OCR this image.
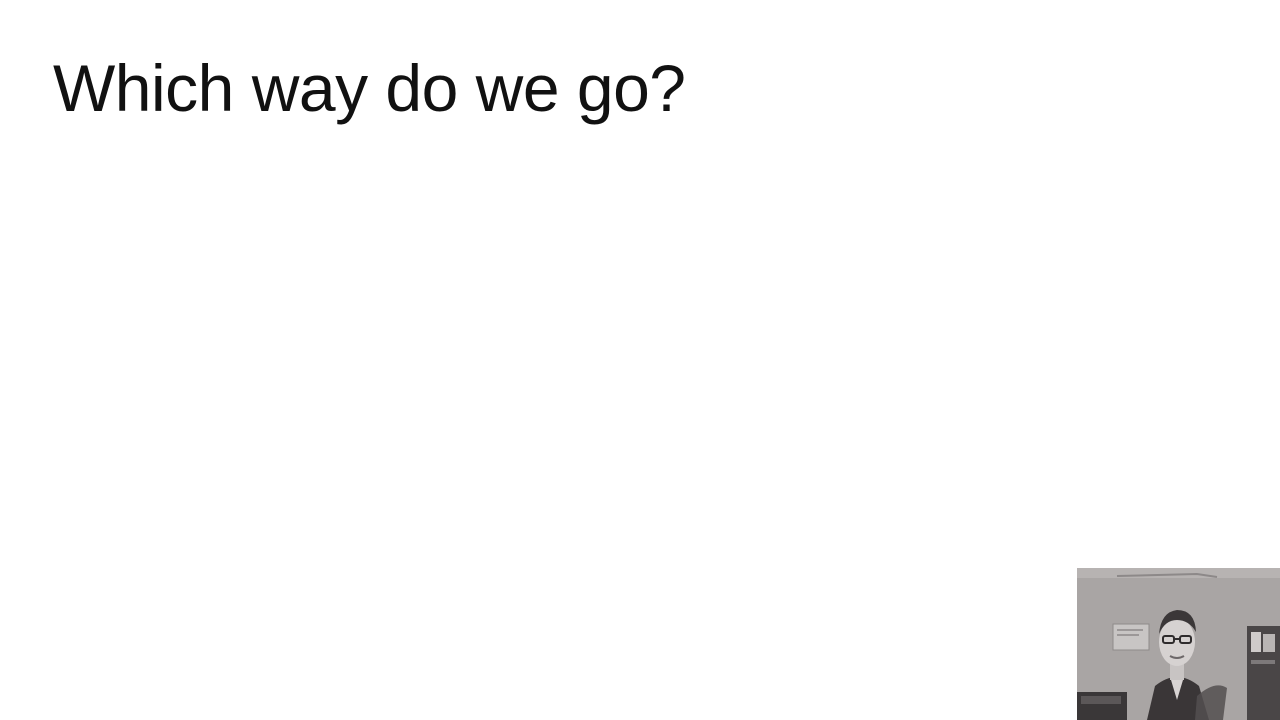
Which way do we go?
